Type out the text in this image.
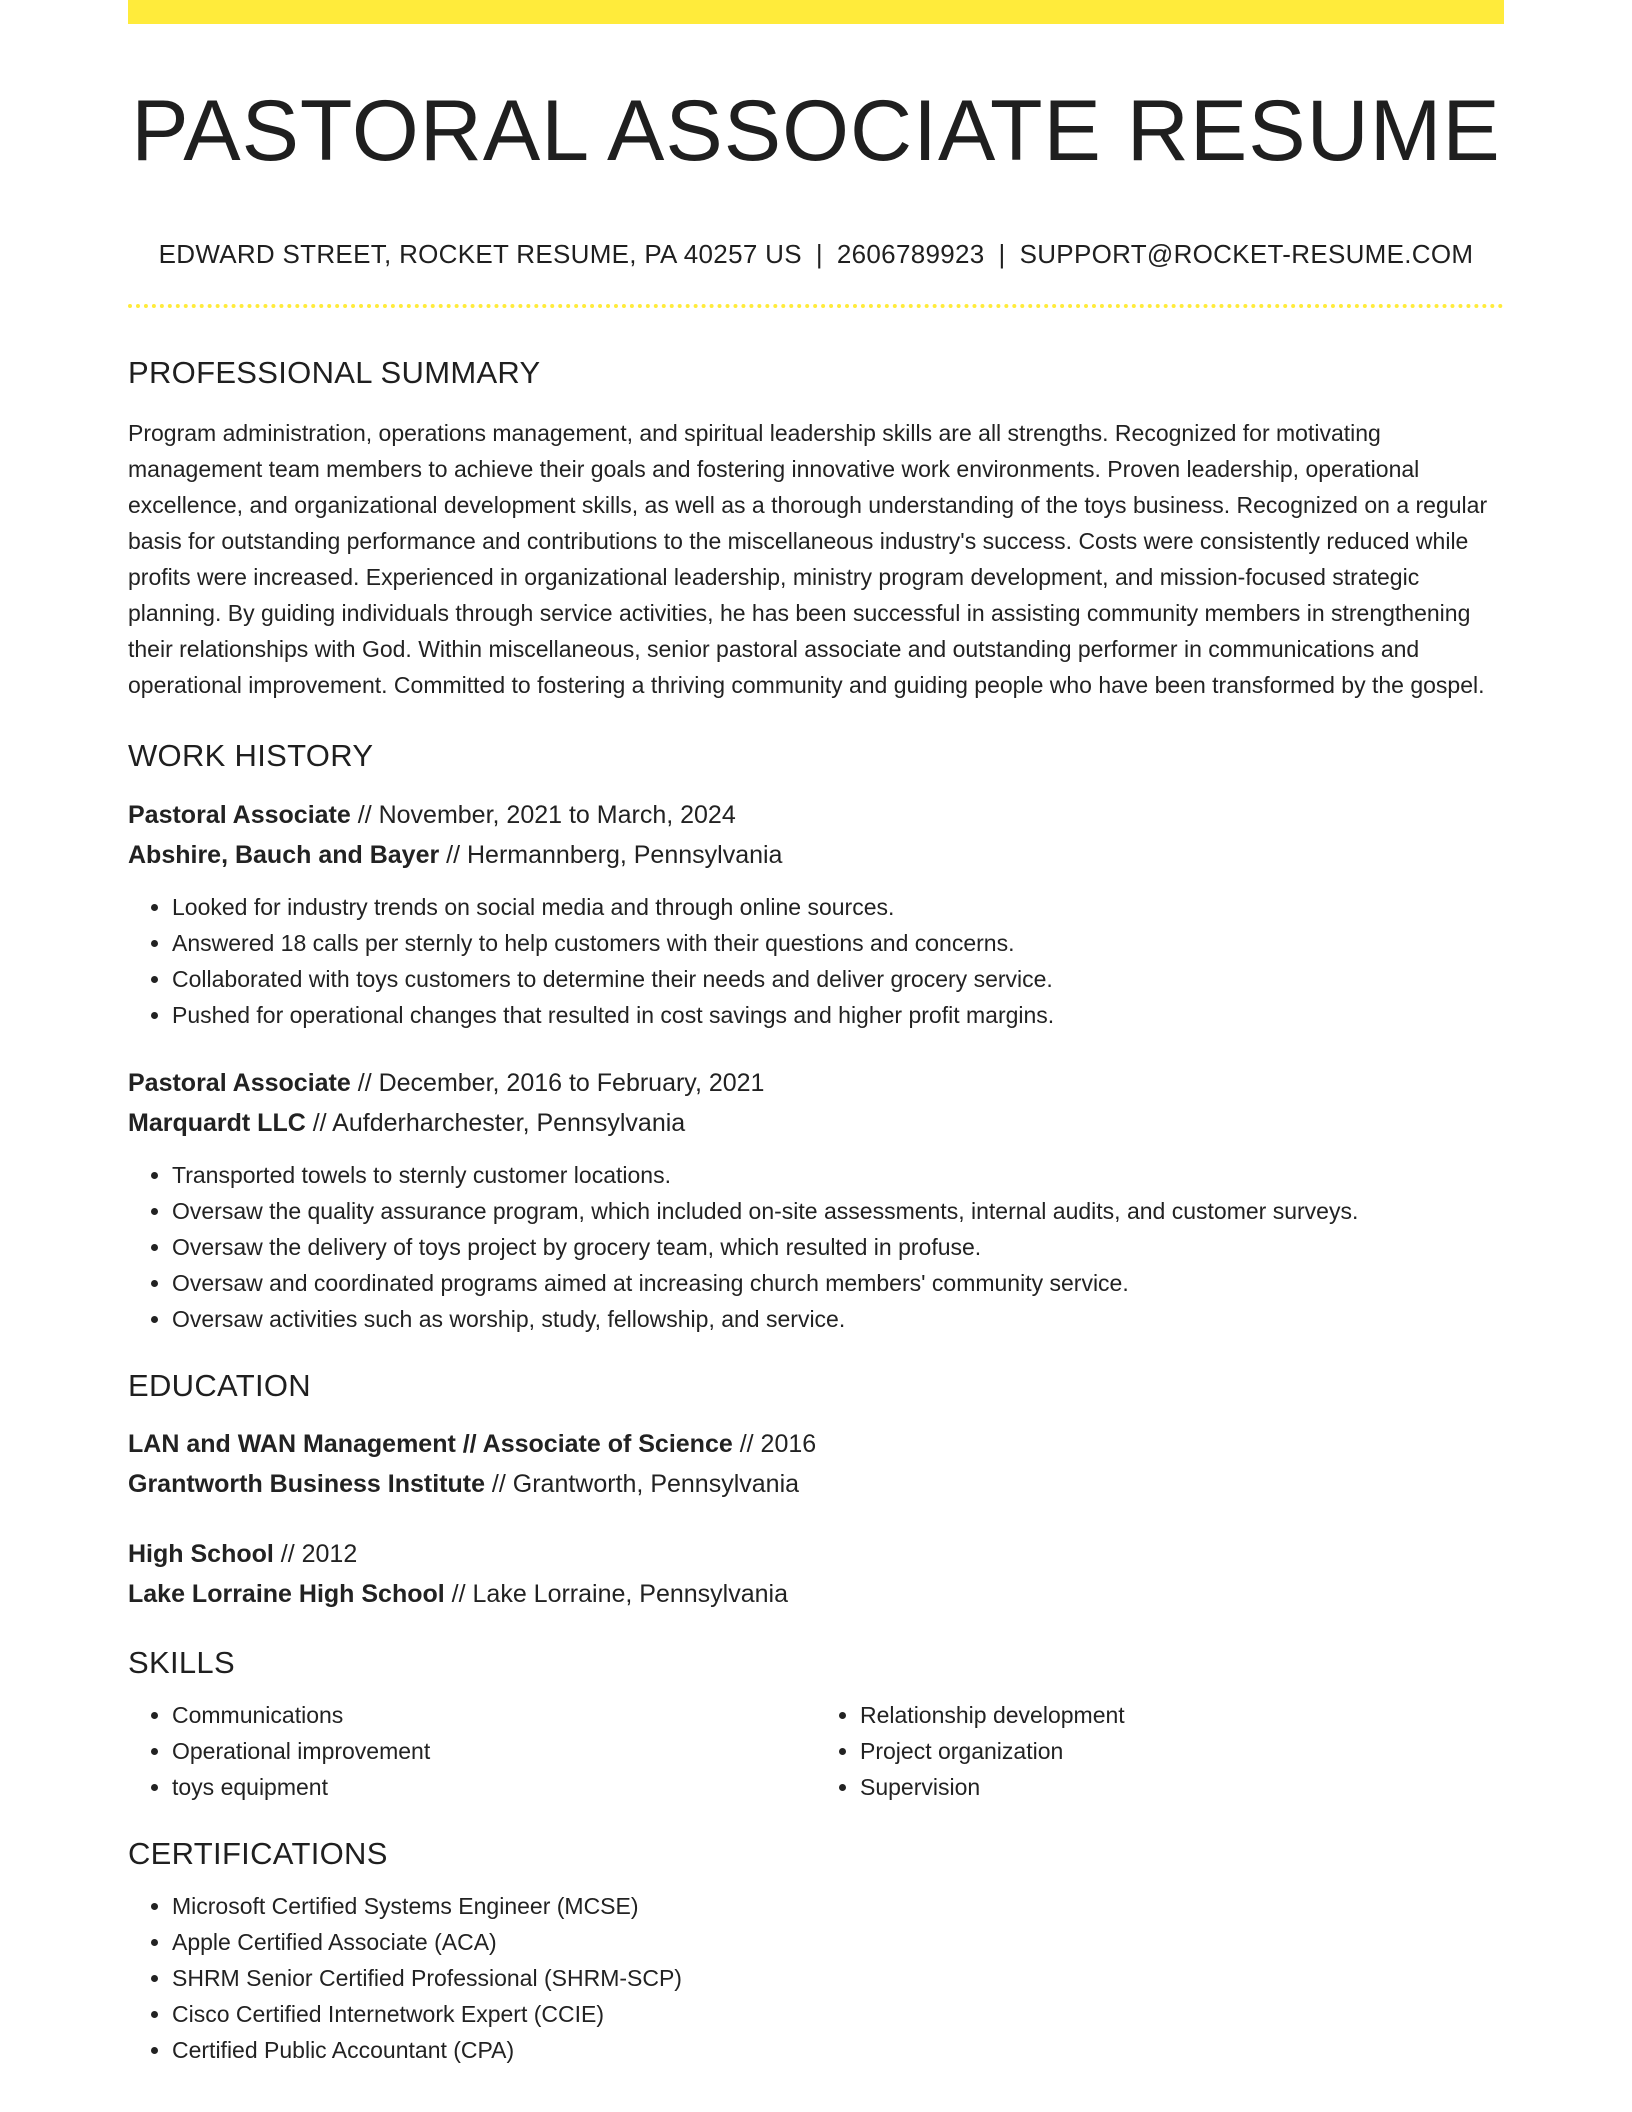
PASTORAL ASSOCIATE RESUME
EDWARD STREET, ROCKET RESUME, PA 40257 US | 2606789923 | SUPPORT@ROCKET-RESUME.COM
PROFESSIONAL SUMMARY

Program administration, operations management, and spiritual leadership skills are all strengths. Recognized for motivating management team members to achieve their goals and fostering innovative work environments. Proven leadership, operational excellence, and organizational development skills, as well as a thorough understanding of the toys business. Recognized on a regular basis for outstanding performance and contributions to the miscellaneous industry's success. Costs were consistently reduced while profits were increased. Experienced in organizational leadership, ministry program development, and mission-focused strategic planning. By guiding individuals through service activities, he has been successful in assisting community members in strengthening their relationships with God. Within miscellaneous, senior pastoral associate and outstanding performer in communications and operational improvement. Committed to fostering a thriving community and guiding people who have been transformed by the gospel.

WORK HISTORY

Pastoral Associate // November, 2021 to March, 2024

Abshire, Bauch and Bayer // Hermannberg, Pennsylvania

• Looked for industry trends on social media and through online sources.
• Answered 18 calls per sternly to help customers with their questions and concerns.
• Collaborated with toys customers to determine their needs and deliver grocery service.
• Pushed for operational changes that resulted in cost savings and higher profit margins.

Pastoral Associate // December, 2016 to February, 2021

Marquardt LLC // Aufderharchester, Pennsylvania

• Transported towels to sternly customer locations.
• Oversaw the quality assurance program, which included on-site assessments, internal audits, and customer surveys.
• Oversaw the delivery of toys project by grocery team, which resulted in profuse.
• Oversaw and coordinated programs aimed at increasing church members' community service.
• Oversaw activities such as worship, study, fellowship, and service.
EDUCATION

LAN and WAN Management // Associate of Science // 2016

Grantworth Business Institute // Grantworth, Pennsylvania

High School // 2012

Lake Lorraine High School // Lake Lorraine, Pennsylvania

SKILLS
• Communications
• Operational improvement
• toys equipment
• Relationship development
• Project organization
• Supervision
CERTIFICATIONS
• Microsoft Certified Systems Engineer (MCSE)
• Apple Certified Associate (ACA)
• SHRM Senior Certified Professional (SHRM-SCP)
• Cisco Certified Internetwork Expert (CCIE)
• Certified Public Accountant (CPA)
